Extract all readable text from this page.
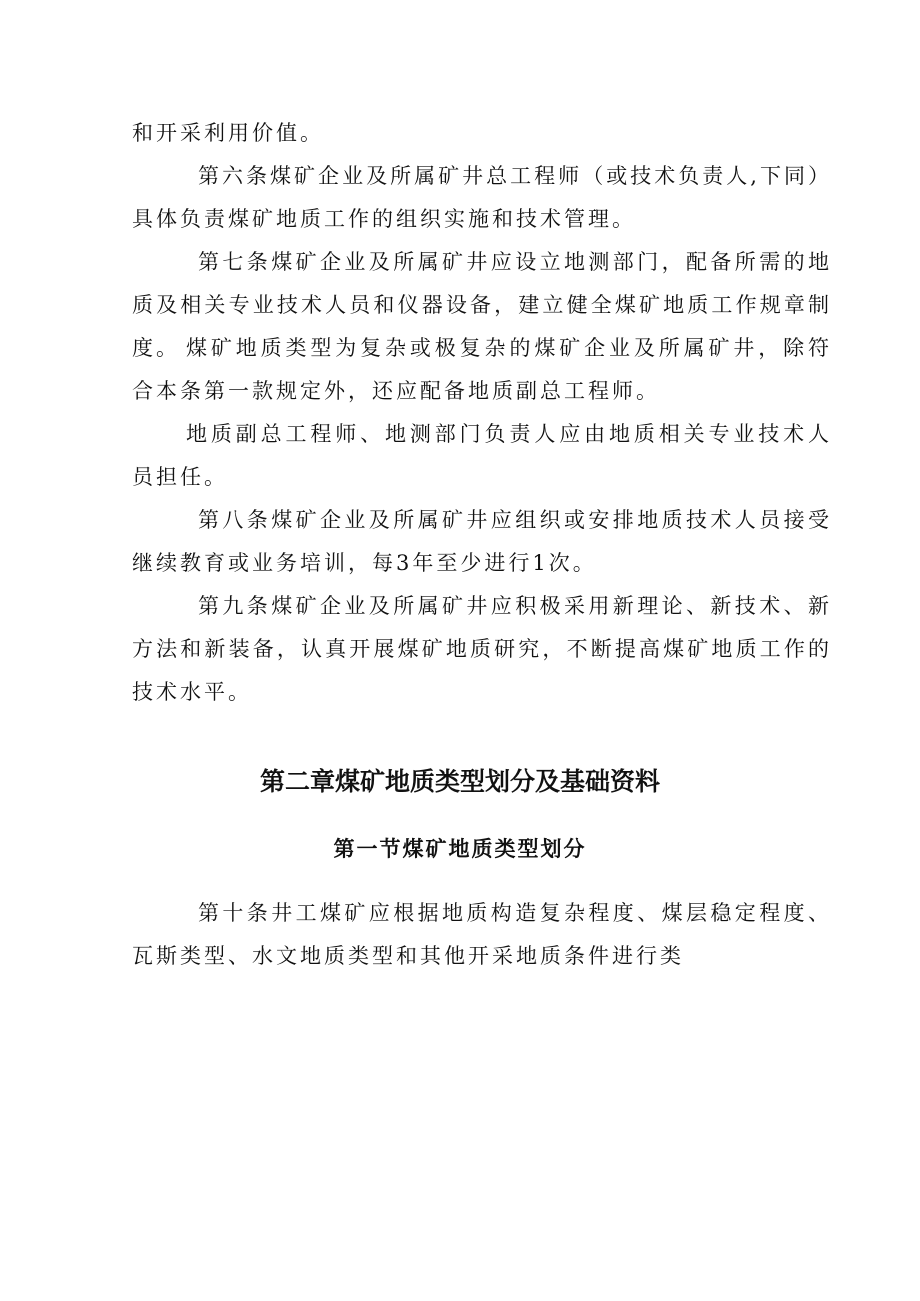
和开采利用价值。

第六条煤矿企业及所属矿井总工程师（或技术负责人,下同）具体负责煤矿地质工作的组织实施和技术管理。

第七条煤矿企业及所属矿井应设立地测部门，配备所需的地质及相关专业技术人员和仪器设备，建立健全煤矿地质工作规章制度。 煤矿地质类型为复杂或极复杂的煤矿企业及所属矿井，除符合本条第一款规定外，还应配备地质副总工程师。

地质副总工程师、地测部门负责人应由地质相关专业技术人员担任。

第八条煤矿企业及所属矿井应组织或安排地质技术人员接受继续教育或业务培训，每3年至少进行1次。

第九条煤矿企业及所属矿井应积极采用新理论、新技术、新方法和新装备，认真开展煤矿地质研究，不断提高煤矿地质工作的技术水平。

第二章煤矿地质类型划分及基础资料
第一节煤矿地质类型划分

第十条井工煤矿应根据地质构造复杂程度、煤层稳定程度、瓦斯类型、水文地质类型和其他开采地质条件进行类
